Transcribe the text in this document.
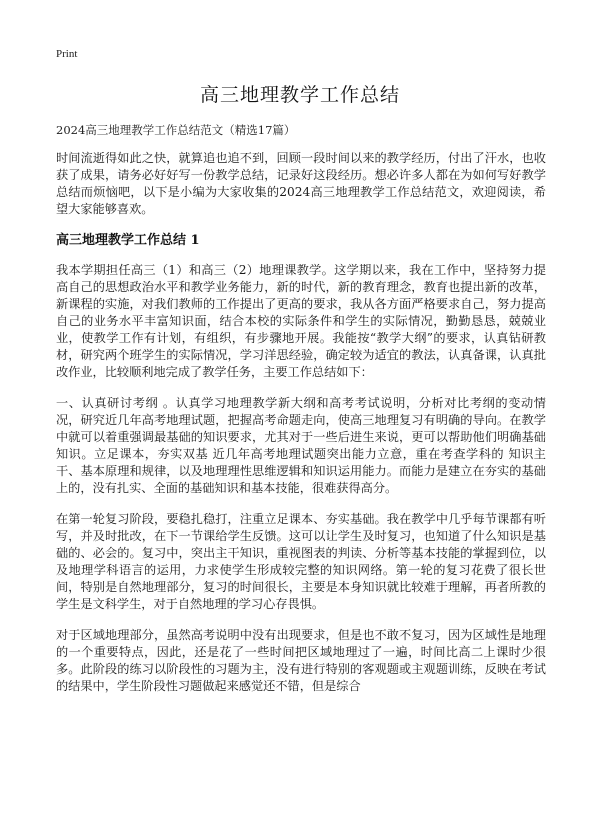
Print
高三地理教学工作总结

2024高三地理教学工作总结范文（精选17篇）

时间流逝得如此之快，就算追也追不到，回顾一段时间以来的教学经历，付出了汗水，也收获了成果，请务必好好写一份教学总结，记录好这段经历。想必许多人都在为如何写好教学总结而烦恼吧，以下是小编为大家收集的2024高三地理教学工作总结范文，欢迎阅读，希望大家能够喜欢。

高三地理教学工作总结 1

我本学期担任高三（1）和高三（2）地理课教学。这学期以来，我在工作中，坚持努力提高自己的思想政治水平和教学业务能力，新的时代，新的教育理念，教育也提出新的改革，新课程的实施，对我们教师的工作提出了更高的要求，我从各方面严格要求自己，努力提高自己的业务水平丰富知识面，结合本校的实际条件和学生的实际情况，勤勤恳恳，兢兢业业，使教学工作有计划，有组织，有步骤地开展。我能按“教学大纲”的要求，认真钻研教材，研究两个班学生的实际情况，学习洋思经验，确定较为适宜的教法，认真备课，认真批改作业，比较顺利地完成了教学任务，主要工作总结如下：

一、认真研讨考纲 。认真学习地理教学新大纲和高考考试说明，分析对比考纲的变动情况，研究近几年高考地理试题，把握高考命题走向，使高三地理复习有明确的导向。在教学中就可以着重强调最基础的知识要求，尤其对于一些后进生来说，更可以帮助他们明确基础知识。立足课本，夯实双基 近几年高考地理试题突出能力立意，重在考查学科的 知识主干、基本原理和规律，以及地理理性思维逻辑和知识运用能力。而能力是建立在夯实的基础上的，没有扎实、全面的基础知识和基本技能，很难获得高分。

在第一轮复习阶段，要稳扎稳打，注重立足课本、夯实基础。我在教学中几乎每节课都有听写，并及时批改，在下一节课给学生反馈。这可以让学生及时复习，也知道了什么知识是基础的、必会的。复习中，突出主干知识，重视图表的判读、分析等基本技能的掌握到位，以及地理学科语言的运用，力求使学生形成较完整的知识网络。第一轮的复习花费了很长世间，特别是自然地理部分，复习的时间很长，主要是本身知识就比较难于理解，再者所教的学生是文科学生，对于自然地理的学习心存畏惧。

对于区域地理部分，虽然高考说明中没有出现要求，但是也不敢不复习，因为区域性是地理的一个重要特点，因此，还是花了一些时间把区域地理过了一遍，时间比高二上课时少很多。此阶段的练习以阶段性的习题为主，没有进行特别的客观题或主观题训练，反映在考试的结果中，学生阶段性习题做起来感觉还不错，但是综合
